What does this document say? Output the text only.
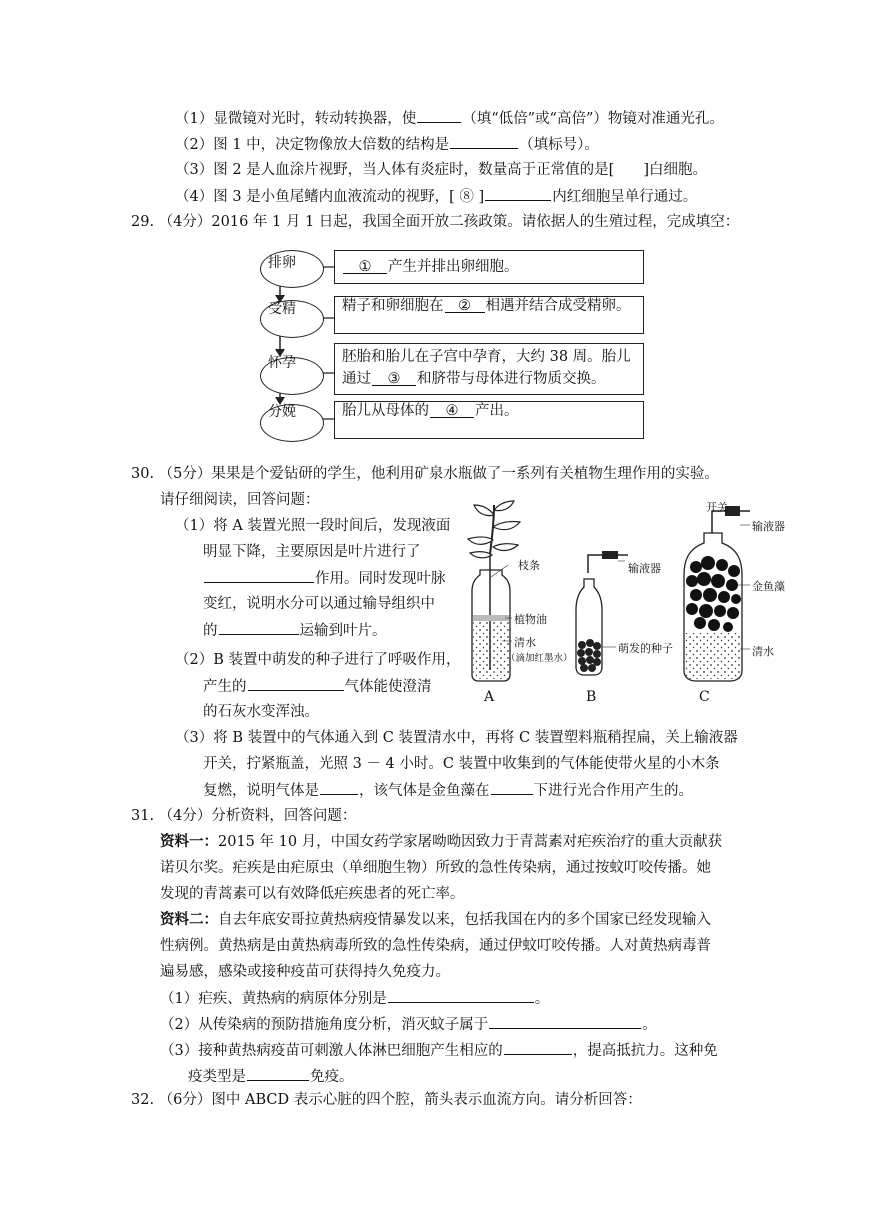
（1）显微镜对光时，转动转换器，使	（填“低倍”或“高倍”）物镜对准通光孔。
（2）图 1 中，决定物像放大倍数的结构是	（填标号）。
（3）图 2 是人血涂片视野，当人体有炎症时，数量高于正常值的是[　　]白细胞。
（4）图 3 是小鱼尾鳍内血液流动的视野，[ ⑧ ]	内红细胞呈单行通过。
29. （4分）2016 年 1 月 1 日起，我国全面开放二孩政策。请依据人的生殖过程，完成填空：
排卵
受精
怀孕
分娩
① 产生并排出卵细胞。
精子和卵细胞在 ② 相遇并结合成受精卵。
胚胎和胎儿在子宫中孕育，大约 38 周。胎儿
通过 ③ 和脐带与母体进行物质交换。
胎儿从母体的 ④ 产出。
30. （5分）果果是个爱钻研的学生，他利用矿泉水瓶做了一系列有关植物生理作用的实验。
请仔细阅读，回答问题：
（1）将 A 装置光照一段时间后，发现液面
明显下降，主要原因是叶片进行了
作用。同时发现叶脉
变红，说明水分可以通过输导组织中
的	运输到叶片。
（2）B 装置中萌发的种子进行了呼吸作用，
产生的	气体能使澄清
的石灰水变浑浊。
（3）将 B 装置中的气体通入到 C 装置清水中，再将 C 装置塑料瓶稍捏扁，关上输液器
开关，拧紧瓶盖，光照 3 － 4 小时。C 装置中收集到的气体能使带火星的小木条
复燃，说明气体是	，该气体是金鱼藻在	下进行光合作用产生的。
枝条
植物油
清水
（滴加红墨水）
输液器
萌发的种子
开关
输液器
金鱼藻
清水
A	B	C
31. （4分）分析资料，回答问题：
资料一：2015 年 10 月，中国女药学家屠呦呦因致力于青蒿素对疟疾治疗的重大贡献获
诺贝尔奖。疟疾是由疟原虫（单细胞生物）所致的急性传染病，通过按蚊叮咬传播。她
发现的青蒿素可以有效降低疟疾患者的死亡率。
资料二：自去年底安哥拉黄热病疫情暴发以来，包括我国在内的多个国家已经发现输入
性病例。黄热病是由黄热病毒所致的急性传染病，通过伊蚊叮咬传播。人对黄热病毒普
遍易感，感染或接种疫苗可获得持久免疫力。
（1）疟疾、黄热病的病原体分别是	。
（2）从传染病的预防措施角度分析，消灭蚊子属于	。
（3）接种黄热病疫苗可刺激人体淋巴细胞产生相应的	，提高抵抗力。这种免
疫类型是	免疫。
32. （6分）图中 ABCD 表示心脏的四个腔，箭头表示血流方向。请分析回答：
